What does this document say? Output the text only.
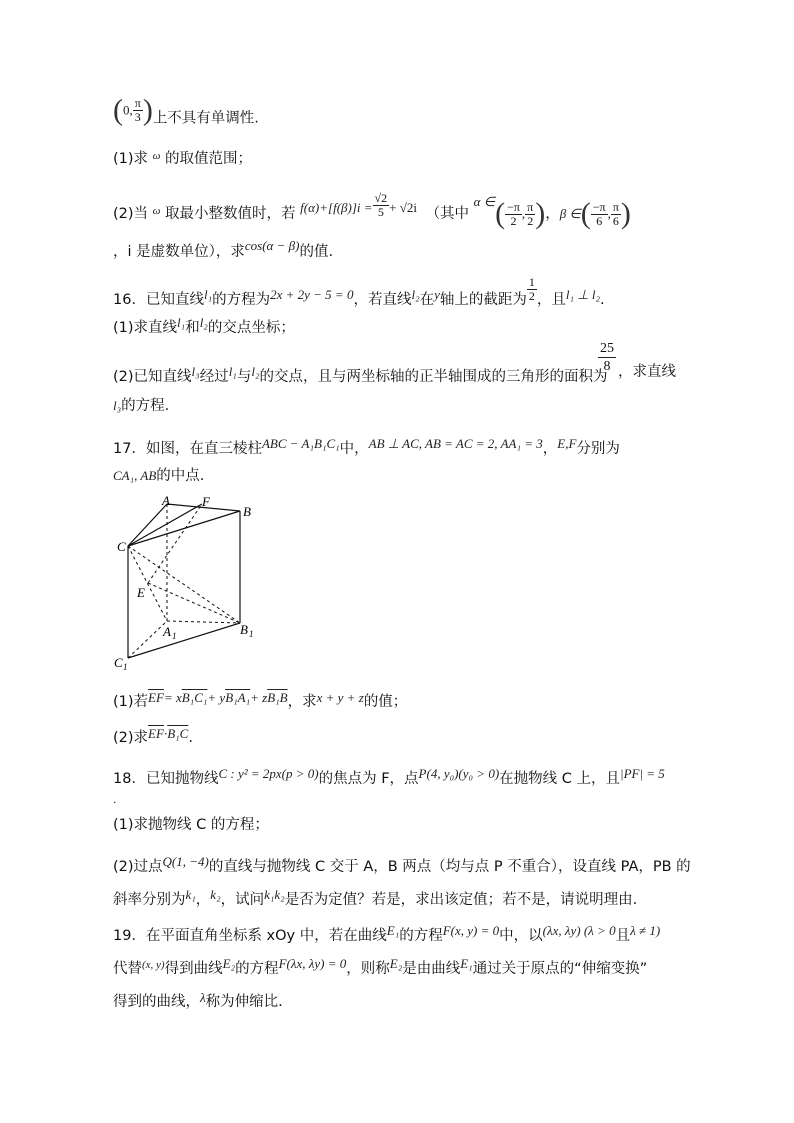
(0, $\frac{\pi}{3}$ )上不具有单调性.
(1)求 $^\omega$ 的取值范围；
(2)当 $^\omega$ 取最小整数值时，若 $f(\alpha)+[f(\beta)]i = \frac{√2}{5} + √2i$ （其中 α ∈( $\frac{-\pi}{2}$ , $\frac{\pi}{2}$ )，β ∈( $\frac{-\pi}{6}$ , $\frac{\pi}{6}$ )
，i 是虚数单位），求cos(α − β)的值.
16．已知直线l₁的方程为2x + 2y − 5 = 0，若直线l₂在y轴上的截距为 $\frac{1}{2}$ ，且l₁ ⊥ l₂.
(1)求直线l₁和l₂的交点坐标；
(2)已知直线l₃经过l₁与l₂的交点，且与两坐标轴的正半轴围成的三角形的面积为
$\frac{25}{8}$ ，求直线
l₃的方程.
17．如图，在直三棱柱ABC − A₁B₁C₁中，AB ⊥ AC, AB = AC = 2, AA₁ = 3，E,F分别为
CA₁, AB的中点.
A F
B
C
E
A 1	B 1
C 1
(1)若$\overline{EF}= xB_1C_1+ yB_1A_1+ zB_1B$，求x + y + z的值；
(2)求$\overline{EF}\cdot B_1C$.
18．已知抛物线C : y² = 2px(p > 0)的焦点为 F，点P(4, y₀)(y₀ > 0)在抛物线 C 上，且|PF| = 5
.
(1)求抛物线 C 的方程；
(2)过点Q(1, −4)的直线与抛物线 C 交于 A，B 两点（均与点 P 不重合），设直线 PA，PB 的
斜率分别为k₁，k₂，试问k₁k₂是否为定值？若是，求出该定值；若不是，请说明理由.
19．在平面直角坐标系 xOy 中，若在曲线E₁的方程F(x, y) = 0中，以(λx, λy) (λ > 0且λ ≠ 1)
代替$^{(x, y)}$得到曲线E₂的方程F(λx, λy) = 0，则称E₂是由曲线E₁通过关于原点的“伸缩变换”
得到的曲线，λ称为伸缩比.
